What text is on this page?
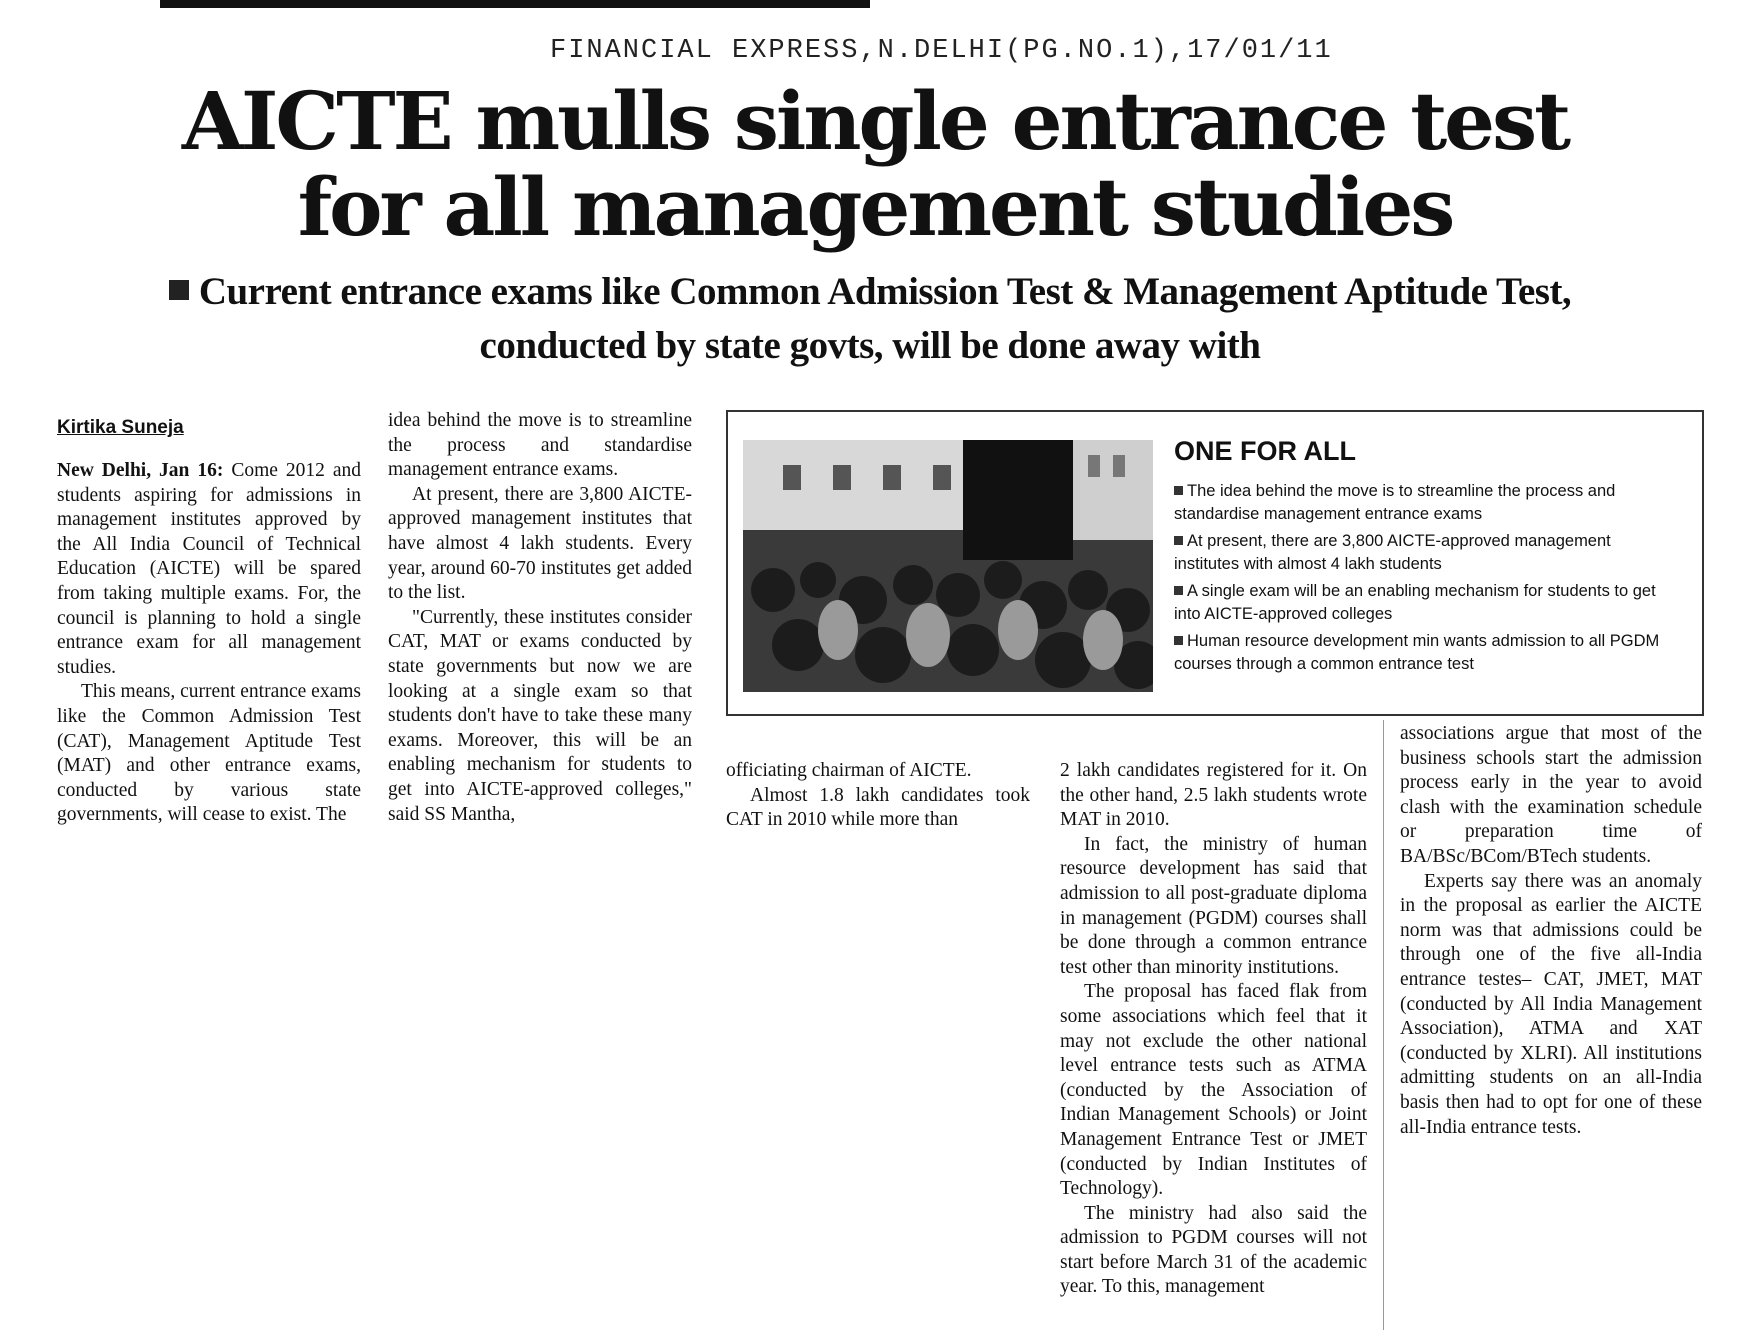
FINANCIAL EXPRESS,N.DELHI(PG.NO.1),17/01/11
AICTE mulls single entrance test for all management studies

Current entrance exams like Common Admission Test & Management Aptitude Test, conducted by state govts, will be done away with

Kirtika Suneja

New Delhi, Jan 16: Come 2012 and students aspiring for admissions in management institutes approved by the All India Council of Technical Education (AICTE) will be spared from taking multiple exams. For, the council is planning to hold a single entrance exam for all management studies.

This means, current entrance exams like the Common Admission Test (CAT), Management Aptitude Test (MAT) and other entrance exams, conducted by various state governments, will cease to exist. The

idea behind the move is to streamline the process and standardise management entrance exams.

At present, there are 3,800 AICTE-approved management institutes that have almost 4 lakh students. Every year, around 60-70 institutes get added to the list.

"Currently, these institutes consider CAT, MAT or exams conducted by state governments but now we are looking at a single exam so that students don't have to take these many exams. Moreover, this will be an enabling mechanism for students to get into AICTE-approved colleges," said SS Mantha,

ONE FOR ALL
The idea behind the move is to streamline the process and standardise management entrance exams
At present, there are 3,800 AICTE-approved management institutes with almost 4 lakh students
A single exam will be an enabling mechanism for students to get into AICTE-approved colleges
Human resource development min wants admission to all PGDM courses through a common entrance test

officiating chairman of AICTE.

Almost 1.8 lakh candidates took CAT in 2010 while more than

2 lakh candidates registered for it. On the other hand, 2.5 lakh students wrote MAT in 2010.

In fact, the ministry of human resource development has said that admission to all post-graduate diploma in management (PGDM) courses shall be done through a common entrance test other than minority institutions.

The proposal has faced flak from some associations which feel that it may not exclude the other national level entrance tests such as ATMA (conducted by the Association of Indian Management Schools) or Joint Management Entrance Test or JMET (conducted by Indian Institutes of Technology).

The ministry had also said the admission to PGDM courses will not start before March 31 of the academic year. To this, management

associations argue that most of the business schools start the admission process early in the year to avoid clash with the examination schedule or preparation time of BA/BSc/BCom/BTech students.

Experts say there was an anomaly in the proposal as earlier the AICTE norm was that admissions could be through one of the five all-India entrance testes– CAT, JMET, MAT (conducted by All India Management Association), ATMA and XAT (conducted by XLRI). All institutions admitting students on an all-India basis then had to opt for one of these all-India entrance tests.
